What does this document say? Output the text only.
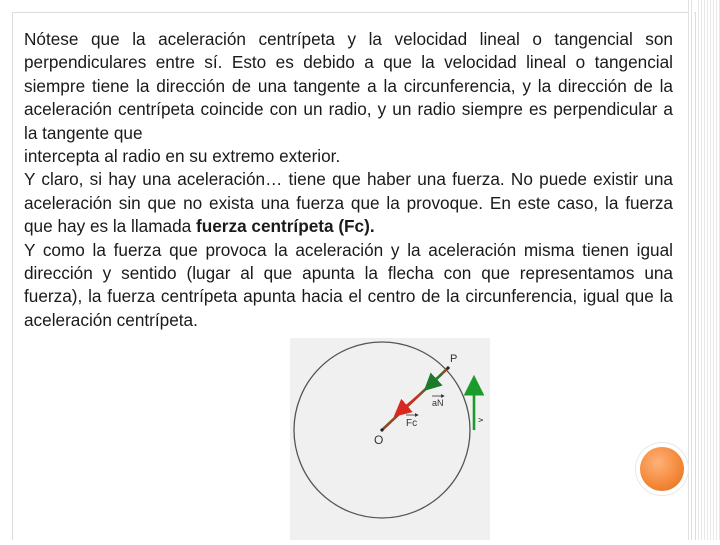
Nótese que la aceleración centrípeta y la velocidad lineal o tangencial son perpendiculares entre sí. Esto es debido a que la velocidad lineal o tangencial siempre tiene la dirección de una tangente a la circunferencia, y la dirección de la aceleración centrípeta coincide con un radio, y un radio siempre es perpendicular a la tangente que

intercepta al radio en su extremo exterior.

Y claro, si hay una aceleración… tiene que haber una fuerza. No puede existir una aceleración sin que no exista una fuerza que la provoque. En este caso, la fuerza que hay es la llamada fuerza centrípeta (Fc).

Y como la fuerza que provoca la aceleración y la aceleración misma tienen igual dirección y sentido (lugar al que apunta la flecha con que representamos una fuerza), la fuerza centrípeta apunta hacia el centro de la circunferencia, igual que la aceleración centrípeta.

P
O
aN
Fc	v
